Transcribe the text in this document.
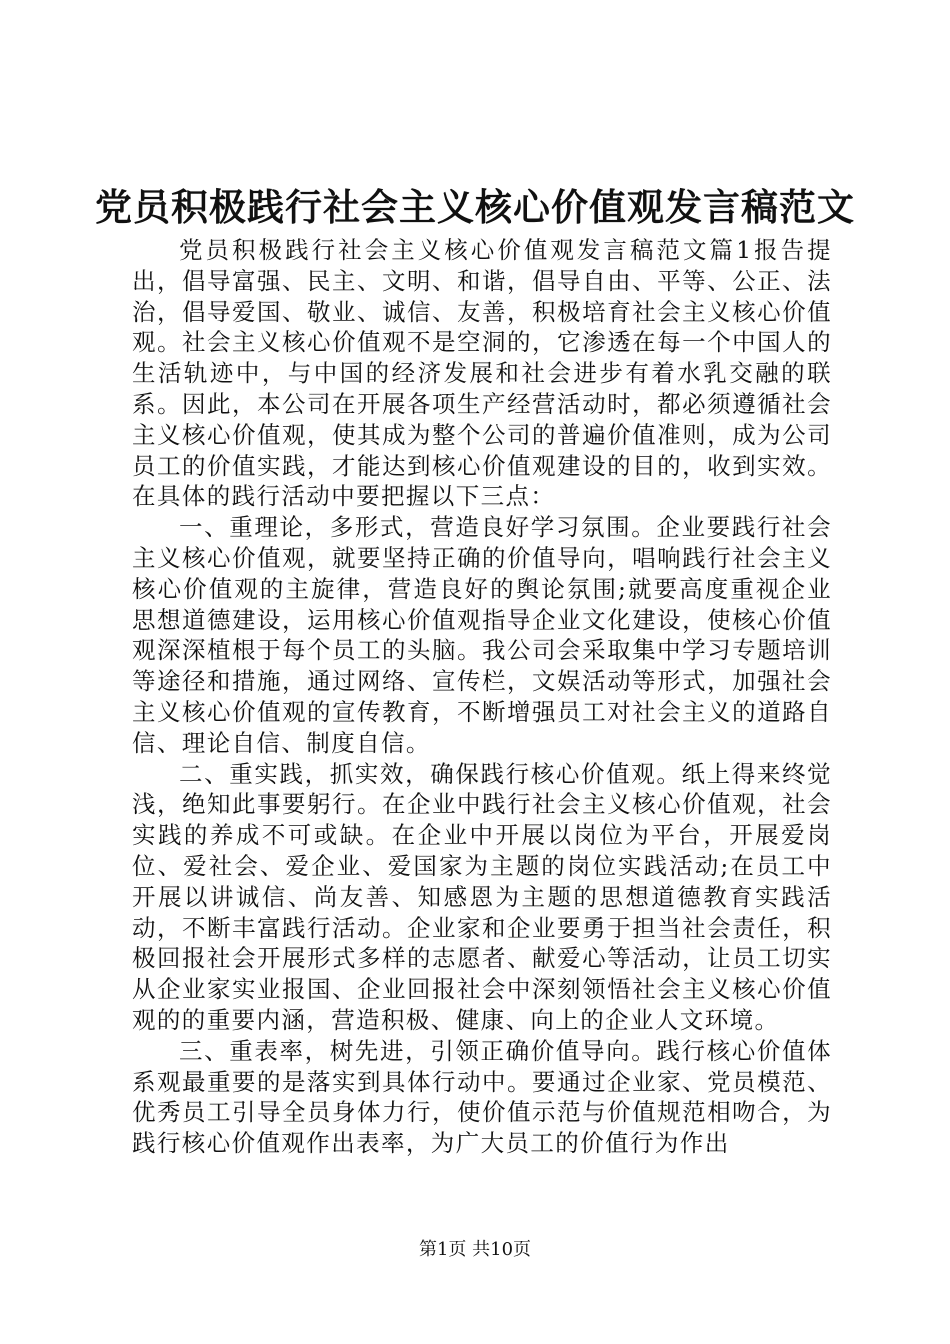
党员积极践行社会主义核心价值观发言稿范文

党员积极践行社会主义核心价值观发言稿范文篇1报告提出，倡导富强、民主、文明、和谐，倡导自由、平等、公正、法治，倡导爱国、敬业、诚信、友善，积极培育社会主义核心价值观。社会主义核心价值观不是空洞的，它渗透在每一个中国人的生活轨迹中，与中国的经济发展和社会进步有着水乳交融的联系。因此，本公司在开展各项生产经营活动时，都必须遵循社会主义核心价值观，使其成为整个公司的普遍价值准则，成为公司员工的价值实践，才能达到核心价值观建设的目的，收到实效。在具体的践行活动中要把握以下三点：

一、重理论，多形式，营造良好学习氛围。企业要践行社会主义核心价值观，就要坚持正确的价值导向，唱响践行社会主义核心价值观的主旋律，营造良好的舆论氛围;就要高度重视企业思想道德建设，运用核心价值观指导企业文化建设，使核心价值观深深植根于每个员工的头脑。我公司会采取集中学习专题培训等途径和措施，通过网络、宣传栏，文娱活动等形式，加强社会主义核心价值观的宣传教育，不断增强员工对社会主义的道路自信、理论自信、制度自信。

二、重实践，抓实效，确保践行核心价值观。纸上得来终觉浅，绝知此事要躬行。在企业中践行社会主义核心价值观，社会实践的养成不可或缺。在企业中开展以岗位为平台，开展爱岗位、爱社会、爱企业、爱国家为主题的岗位实践活动;在员工中开展以讲诚信、尚友善、知感恩为主题的思想道德教育实践活动，不断丰富践行活动。企业家和企业要勇于担当社会责任，积极回报社会开展形式多样的志愿者、献爱心等活动，让员工切实从企业家实业报国、企业回报社会中深刻领悟社会主义核心价值观的的重要内涵，营造积极、健康、向上的企业人文环境。

三、重表率，树先进，引领正确价值导向。践行核心价值体系观最重要的是落实到具体行动中。要通过企业家、党员模范、优秀员工引导全员身体力行，使价值示范与价值规范相吻合，为践行核心价值观作出表率，为广大员工的价值行为作出

第1页 共10页
